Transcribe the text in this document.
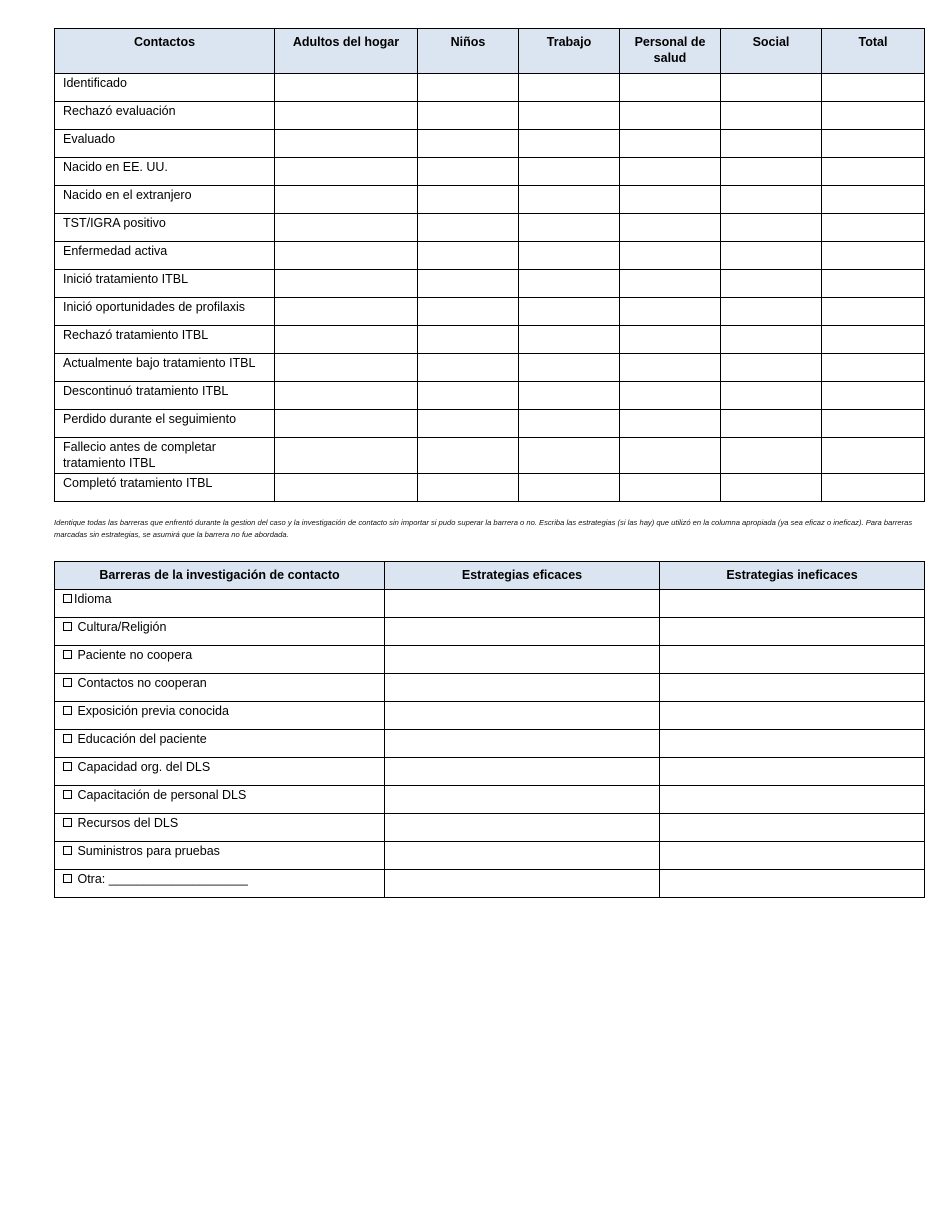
Contactos	Adultos del hogar	Niños	Trabajo	Personal de salud	Social	Total
Identificado						
Rechazó evaluación						
Evaluado						
Nacido en EE. UU.						
Nacido en el extranjero						
TST/IGRA positivo						
Enfermedad activa						
Inició tratamiento ITBL						
Inició oportunidades de profilaxis						
Rechazó tratamiento ITBL						
Actualmente bajo tratamiento ITBL						
Descontinuó tratamiento ITBL						
Perdido durante el seguimiento						
Fallecio antes de completar tratamiento ITBL						
Completó tratamiento ITBL						
Identique todas las barreras que enfrentó durante la gestion del caso y la investigación de contacto sin importar si pudo superar la barrera o no. Escriba las estrategias (si las hay) que utilizó en la columna apropiada (ya sea eficaz o ineficaz). Para barreras marcadas sin estrategias, se asumirá que la barrera no fue abordada.
Barreras de la investigación de contacto	Estrategias eficaces	Estrategias ineficaces
Idioma		
Cultura/Religión		
Paciente no coopera		
Contactos no cooperan		
Exposición previa conocida		
Educación del paciente		
Capacidad org. del DLS		
Capacitación de personal DLS		
Recursos del DLS		
Suministros para pruebas		
Otra: ____________________		
